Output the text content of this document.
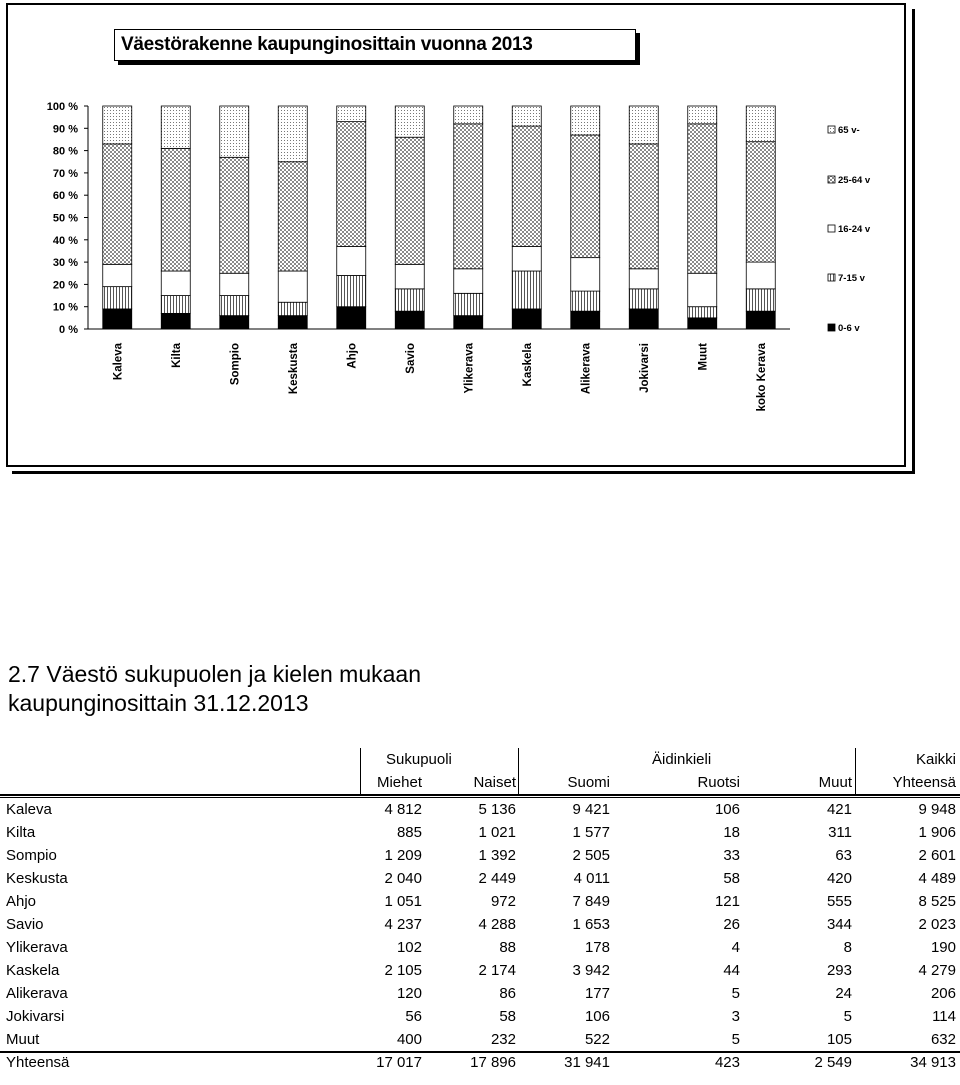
0 %
10 %
20 %
30 %
40 %
50 %
60 %
70 %
80 %
90 %
100 %
Kaleva	Kilta	Sompio	Keskusta	Ahjo	Savio	Ylikerava	Kaskela	Alikerava	Jokivarsi	Muut	koko Kerava
65 v-
25-64 v
16-24 v
7-15 v
0-6 v
Väestörakenne kaupunginosittain vuonna 2013
2.7 Väestö sukupuolen ja kielen mukaan
kaupunginosittain 31.12.2013
Sukupuoli	Äidinkieli	Kaikki
Miehet	Naiset	Suomi	Ruotsi	Muut	Yhteensä
Kaleva	4 812	5 136	9 421	106	421	9 948
Kilta	885	1 021	1 577	18	311	1 906
Sompio	1 209	1 392	2 505	33	63	2 601
Keskusta	2 040	2 449	4 011	58	420	4 489
Ahjo	1 051	972	7 849	121	555	8 525
Savio	4 237	4 288	1 653	26	344	2 023
Ylikerava	102	88	178	4	8	190
Kaskela	2 105	2 174	3 942	44	293	4 279
Alikerava	120	86	177	5	24	206
Jokivarsi	56	58	106	3	5	114
Muut	400	232	522	5	105	632
Yhteensä	17 017	17 896	31 941	423	2 549	34 913
